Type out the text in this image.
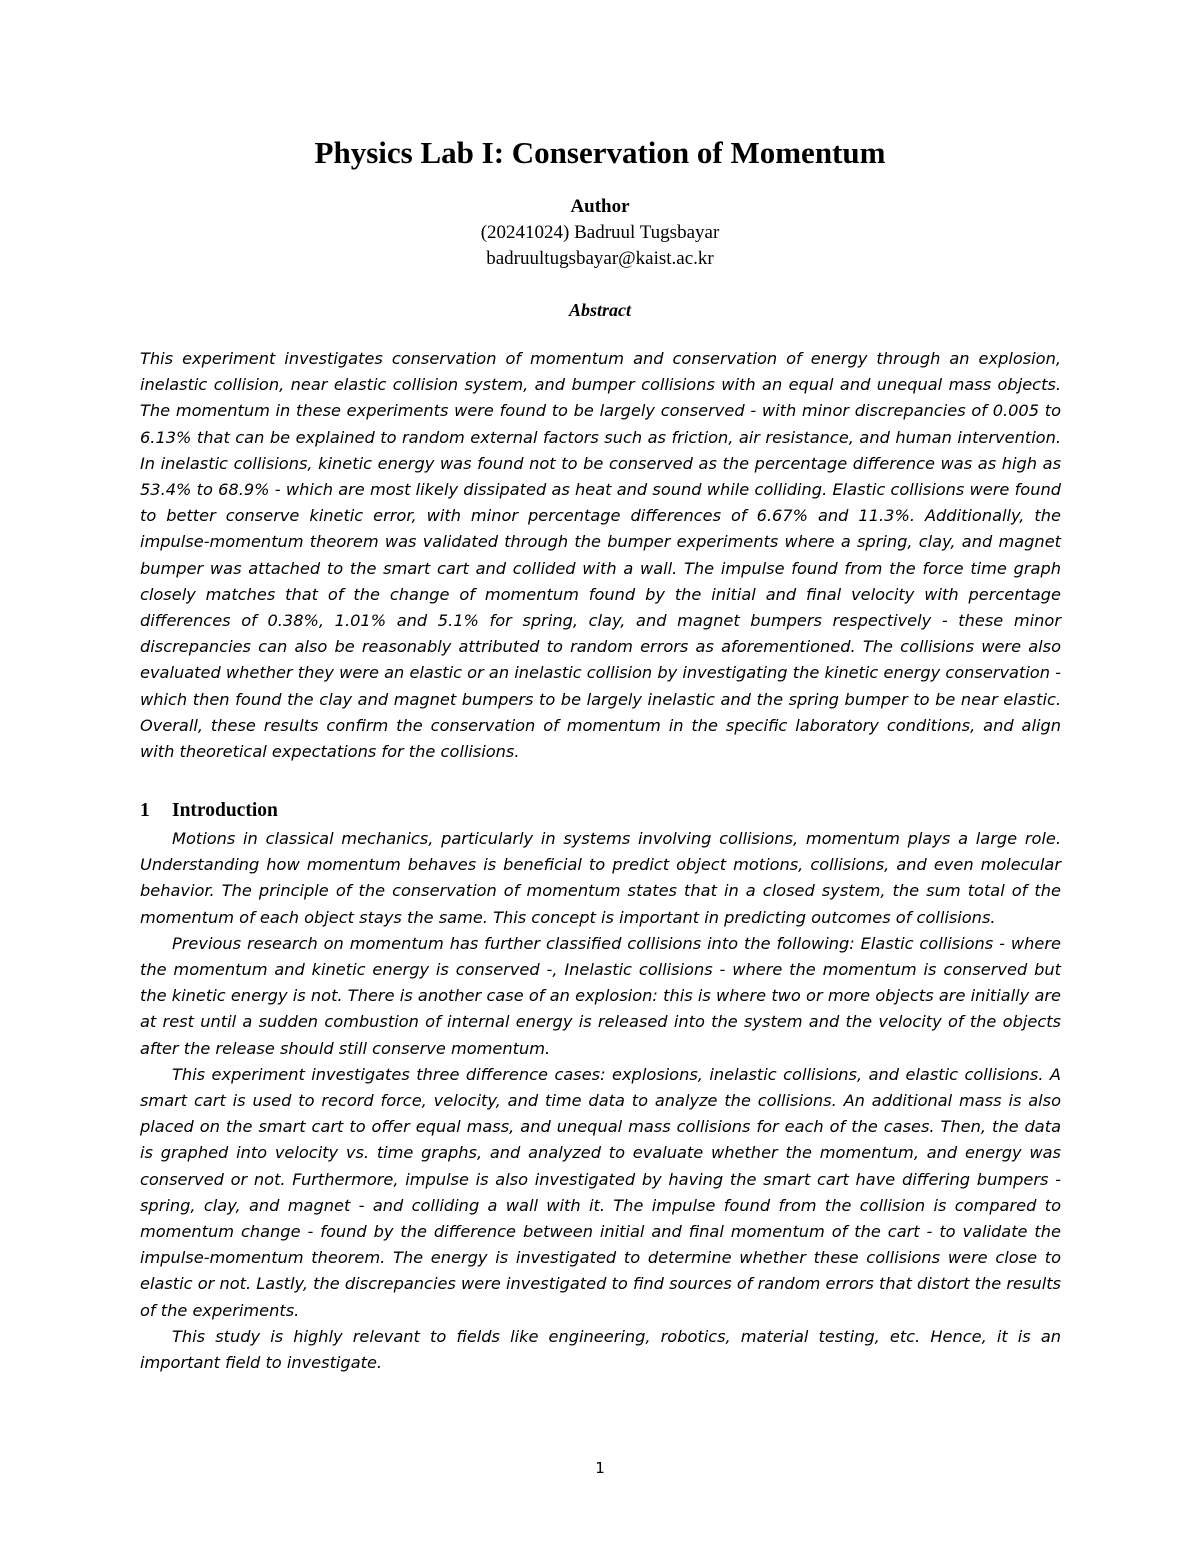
Physics Lab I: Conservation of Momentum
Author
(20241024) Badruul Tugsbayar
badruultugsbayar@kaist.ac.kr
Abstract
This experiment investigates conservation of momentum and conservation of energy through an explosion, inelastic collision, near elastic collision system, and bumper collisions with an equal and unequal mass objects. The momentum in these experiments were found to be largely conserved - with minor discrepancies of 0.005 to 6.13% that can be explained to random external factors such as friction, air resistance, and human intervention. In inelastic collisions, kinetic energy was found not to be conserved as the percentage difference was as high as 53.4% to 68.9% - which are most likely dissipated as heat and sound while colliding. Elastic collisions were found to better conserve kinetic error, with minor percentage differences of 6.67% and 11.3%. Additionally, the impulse-momentum theorem was validated through the bumper experiments where a spring, clay, and magnet bumper was attached to the smart cart and collided with a wall. The impulse found from the force time graph closely matches that of the change of momentum found by the initial and final velocity with percentage differences of 0.38%, 1.01% and 5.1% for spring, clay, and magnet bumpers respectively - these minor discrepancies can also be reasonably attributed to random errors as aforementioned. The collisions were also evaluated whether they were an elastic or an inelastic collision by investigating the kinetic energy conservation - which then found the clay and magnet bumpers to be largely inelastic and the spring bumper to be near elastic. Overall, these results confirm the conservation of momentum in the specific laboratory conditions, and align with theoretical expectations for the collisions.
1 Introduction

Motions in classical mechanics, particularly in systems involving collisions, momentum plays a large role. Understanding how momentum behaves is beneficial to predict object motions, collisions, and even molecular behavior. The principle of the conservation of momentum states that in a closed system, the sum total of the momentum of each object stays the same. This concept is important in predicting outcomes of collisions.

Previous research on momentum has further classified collisions into the following: Elastic collisions - where the momentum and kinetic energy is conserved -, Inelastic collisions - where the momentum is conserved but the kinetic energy is not. There is another case of an explosion: this is where two or more objects are initially are at rest until a sudden combustion of internal energy is released into the system and the velocity of the objects after the release should still conserve momentum.

This experiment investigates three difference cases: explosions, inelastic collisions, and elastic collisions. A smart cart is used to record force, velocity, and time data to analyze the collisions. An additional mass is also placed on the smart cart to offer equal mass, and unequal mass collisions for each of the cases. Then, the data is graphed into velocity vs. time graphs, and analyzed to evaluate whether the momentum, and energy was conserved or not. Furthermore, impulse is also investigated by having the smart cart have differing bumpers - spring, clay, and magnet - and colliding a wall with it. The impulse found from the collision is compared to momentum change - found by the difference between initial and final momentum of the cart - to validate the impulse-momentum theorem. The energy is investigated to determine whether these collisions were close to elastic or not. Lastly, the discrepancies were investigated to find sources of random errors that distort the results of the experiments.

This study is highly relevant to fields like engineering, robotics, material testing, etc. Hence, it is an important field to investigate.

1
